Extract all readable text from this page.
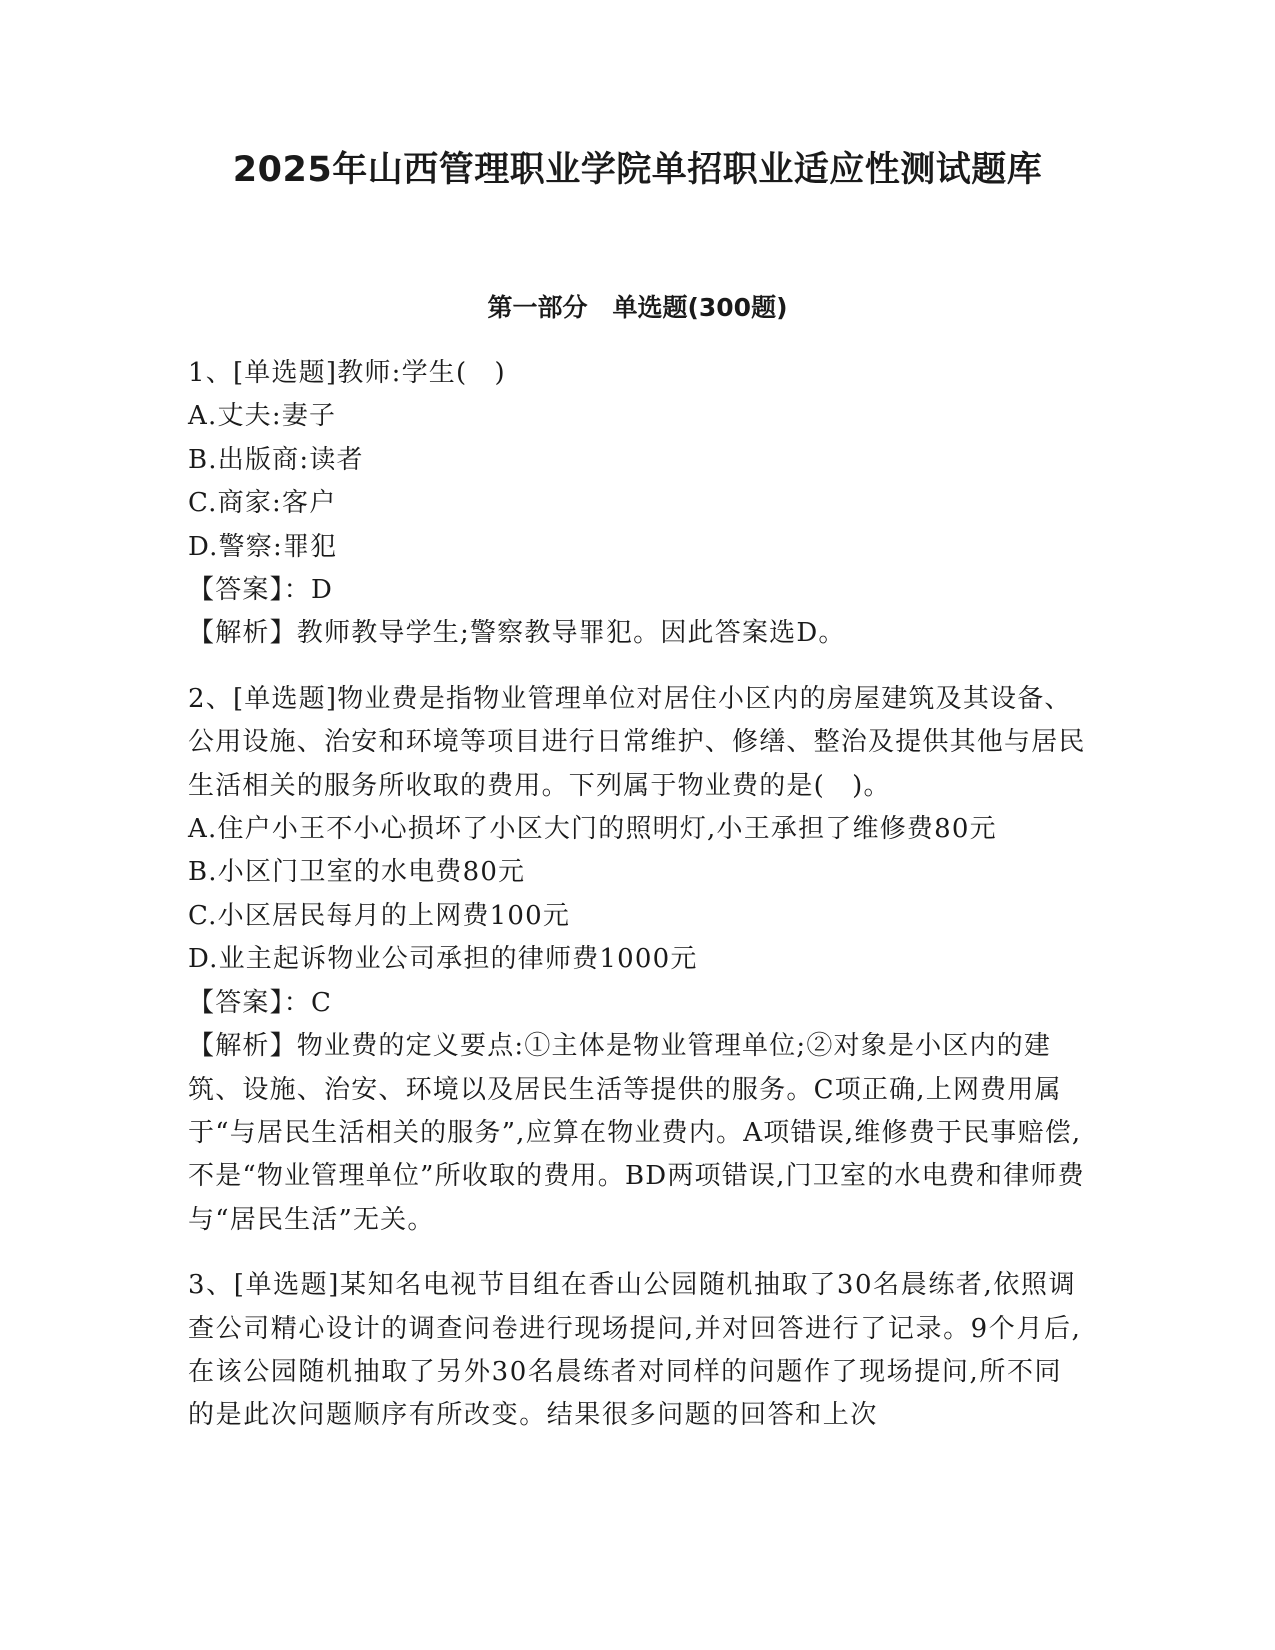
2025年山西管理职业学院单招职业适应性测试题库
第一部分　单选题(300题)

1、[单选题]教师:学生(　)

A.丈夫:妻子

B.出版商:读者

C.商家:客户

D.警察:罪犯

【答案】：D

【解析】教师教导学生;警察教导罪犯。因此答案选D。

2、[单选题]物业费是指物业管理单位对居住小区内的房屋建筑及其设备、公用设施、治安和环境等项目进行日常维护、修缮、整治及提供其他与居民生活相关的服务所收取的费用。下列属于物业费的是(　)。

A.住户小王不小心损坏了小区大门的照明灯,小王承担了维修费80元

B.小区门卫室的水电费80元

C.小区居民每月的上网费100元

D.业主起诉物业公司承担的律师费1000元

【答案】：C

【解析】物业费的定义要点:①主体是物业管理单位;②对象是小区内的建筑、设施、治安、环境以及居民生活等提供的服务。C项正确,上网费用属于“与居民生活相关的服务”,应算在物业费内。A项错误,维修费于民事赔偿,不是“物业管理单位”所收取的费用。BD两项错误,门卫室的水电费和律师费与“居民生活”无关。

3、[单选题]某知名电视节目组在香山公园随机抽取了30名晨练者,依照调查公司精心设计的调查问卷进行现场提问,并对回答进行了记录。9个月后,在该公园随机抽取了另外30名晨练者对同样的问题作了现场提问,所不同的是此次问题顺序有所改变。结果很多问题的回答和上次
